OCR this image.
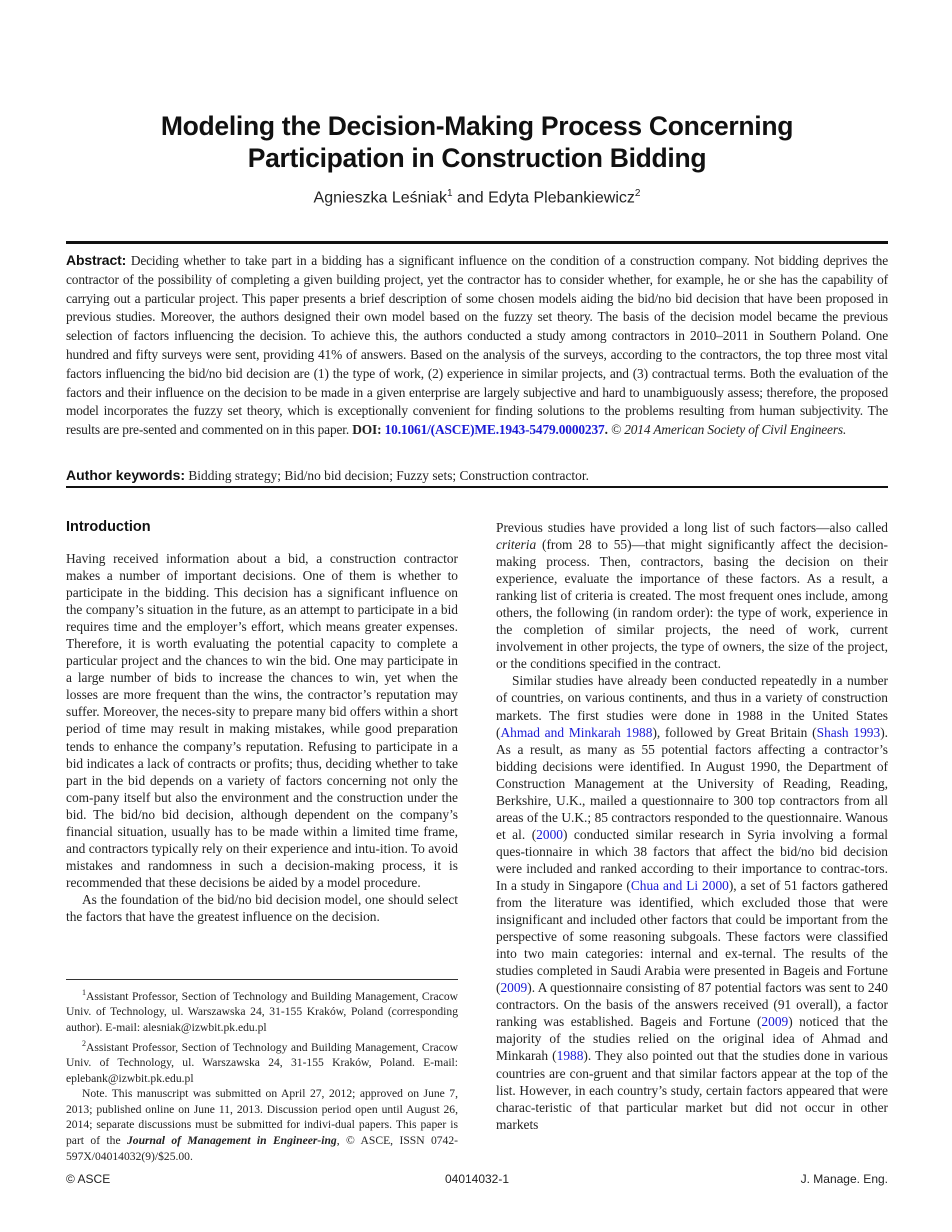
Modeling the Decision-Making Process Concerning
Participation in Construction Bidding
Agnieszka Leśniak$^1$ and Edyta Plebankiewicz$^2$
Abstract: Deciding whether to take part in a bidding has a significant influence on the condition of a construction company. Not bidding deprives the contractor of the possibility of completing a given building project, yet the contractor has to consider whether, for example, he or she has the capability of carrying out a particular project. This paper presents a brief description of some chosen models aiding the bid/no bid decision that have been proposed in previous studies. Moreover, the authors designed their own model based on the fuzzy set theory. The basis of the decision model became the previous selection of factors influencing the decision. To achieve this, the authors conducted a study among contractors in 2010–2011 in Southern Poland. One hundred and fifty surveys were sent, providing 41% of answers. Based on the analysis of the surveys, according to the contractors, the top three most vital factors influencing the bid/no bid decision are (1) the type of work, (2) experience in similar projects, and (3) contractual terms. Both the evaluation of the factors and their influence on the decision to be made in a given enterprise are largely subjective and hard to unambiguously assess; therefore, the proposed model incorporates the fuzzy set theory, which is exceptionally convenient for finding solutions to the problems resulting from human subjectivity. The results are pre-sented and commented on in this paper. DOI: 10.1061/(ASCE)ME.1943-5479.0000237. © 2014 American Society of Civil Engineers.
Author keywords: Bidding strategy; Bid/no bid decision; Fuzzy sets; Construction contractor.
Introduction

Having received information about a bid, a construction contractor makes a number of important decisions. One of them is whether to participate in the bidding. This decision has a significant influence on the company’s situation in the future, as an attempt to participate in a bid requires time and the employer’s effort, which means greater expenses. Therefore, it is worth evaluating the potential capacity to complete a particular project and the chances to win the bid. One may participate in a large number of bids to increase the chances to win, yet when the losses are more frequent than the wins, the contractor’s reputation may suffer. Moreover, the neces-sity to prepare many bid offers within a short period of time may result in making mistakes, while good preparation tends to enhance the company’s reputation. Refusing to participate in a bid indicates a lack of contracts or profits; thus, deciding whether to take part in the bid depends on a variety of factors concerning not only the com-pany itself but also the environment and the construction under the bid. The bid/no bid decision, although dependent on the company’s financial situation, usually has to be made within a limited time frame, and contractors typically rely on their experience and intu-ition. To avoid mistakes and randomness in such a decision-making process, it is recommended that these decisions be aided by a model procedure.

As the foundation of the bid/no bid decision model, one should select the factors that have the greatest influence on the decision.

$^1$Assistant Professor, Section of Technology and Building Management, Cracow Univ. of Technology, ul. Warszawska 24, 31-155 Kraków, Poland (corresponding author). E-mail: alesniak@izwbit.pk.edu.pl

$^2$Assistant Professor, Section of Technology and Building Management, Cracow Univ. of Technology, ul. Warszawska 24, 31-155 Kraków, Poland. E-mail: eplebank@izwbit.pk.edu.pl

Note. This manuscript was submitted on April 27, 2012; approved on June 7, 2013; published online on June 11, 2013. Discussion period open until August 26, 2014; separate discussions must be submitted for indivi-dual papers. This paper is part of the Journal of Management in Engineer-ing, © ASCE, ISSN 0742-597X/04014032(9)/$25.00.

Previous studies have provided a long list of such factors—also called criteria (from 28 to 55)—that might significantly affect the decision-making process. Then, contractors, basing the decision on their experience, evaluate the importance of these factors. As a result, a ranking list of criteria is created. The most frequent ones include, among others, the following (in random order): the type of work, experience in the completion of similar projects, the need of work, current involvement in other projects, the type of owners, the size of the project, or the conditions specified in the contract.

Similar studies have already been conducted repeatedly in a number of countries, on various continents, and thus in a variety of construction markets. The first studies were done in 1988 in the United States (Ahmad and Minkarah 1988), followed by Great Britain (Shash 1993). As a result, as many as 55 potential factors affecting a contractor’s bidding decisions were identified. In August 1990, the Department of Construction Management at the University of Reading, Reading, Berkshire, U.K., mailed a questionnaire to 300 top contractors from all areas of the U.K.; 85 contractors responded to the questionnaire. Wanous et al. (2000) conducted similar research in Syria involving a formal ques-tionnaire in which 38 factors that affect the bid/no bid decision were included and ranked according to their importance to contrac-tors. In a study in Singapore (Chua and Li 2000), a set of 51 factors gathered from the literature was identified, which excluded those that were insignificant and included other factors that could be important from the perspective of some reasoning subgoals. These factors were classified into two main categories: internal and ex-ternal. The results of the studies completed in Saudi Arabia were presented in Bageis and Fortune (2009). A questionnaire consisting of 87 potential factors was sent to 240 contractors. On the basis of the answers received (91 overall), a factor ranking was established. Bageis and Fortune (2009) noticed that the majority of the studies relied on the original idea of Ahmad and Minkarah (1988). They also pointed out that the studies done in various countries are con-gruent and that similar factors appear at the top of the list. However, in each country’s study, certain factors appeared that were charac-teristic of that particular market but did not occur in other markets

© ASCE	04014032-1	J. Manage. Eng.
